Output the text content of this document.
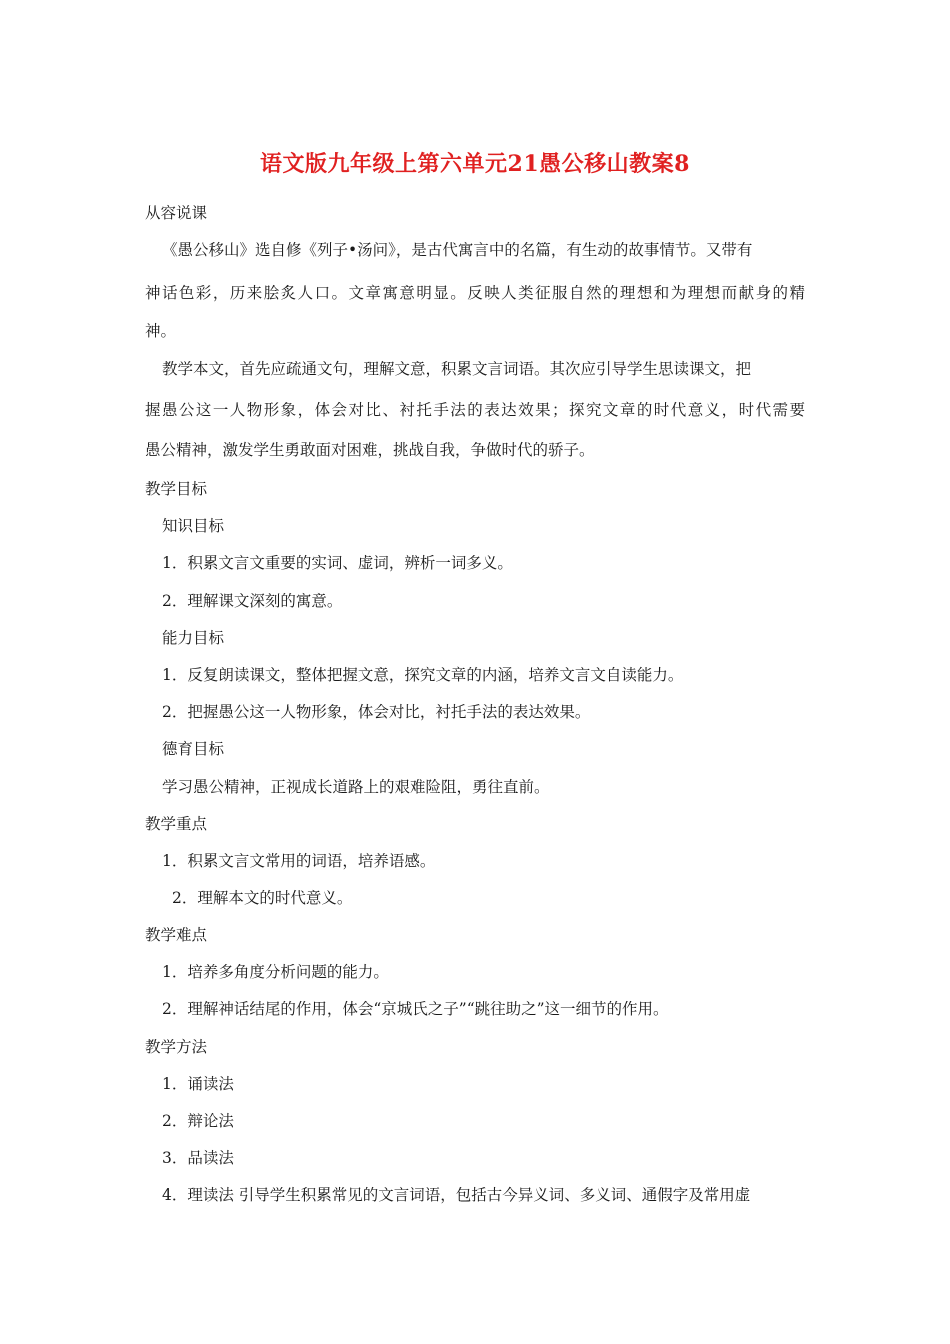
语文版九年级上第六单元21愚公移山教案8
从容说课
《愚公移山》选自修《列子•汤问》，是古代寓言中的名篇，有生动的故事情节。又带有
神话色彩，历来脍炙人口。文章寓意明显。反映人类征服自然的理想和为理想而献身的精
神。
教学本文，首先应疏通文句，理解文意，积累文言词语。其次应引导学生思读课文，把
握愚公这一人物形象，体会对比、衬托手法的表达效果；探究文章的时代意义，时代需要
愚公精神，激发学生勇敢面对困难，挑战自我，争做时代的骄子。
教学目标
知识目标
1．积累文言文重要的实词、虚词，辨析一词多义。
2．理解课文深刻的寓意。
能力目标
1．反复朗读课文，整体把握文意，探究文章的内涵，培养文言文自读能力。
2．把握愚公这一人物形象，体会对比，衬托手法的表达效果。
德育目标
学习愚公精神，正视成长道路上的艰难险阻，勇往直前。
教学重点
1．积累文言文常用的词语，培养语感。
2．理解本文的时代意义。
教学难点
1．培养多角度分析问题的能力。
2．理解神话结尾的作用，体会“京城氏之子”“跳往助之”这一细节的作用。
教学方法
1．诵读法
2．辩论法
3．品读法
4．理读法 引导学生积累常见的文言词语，包括古今异义词、多义词、通假字及常用虚
